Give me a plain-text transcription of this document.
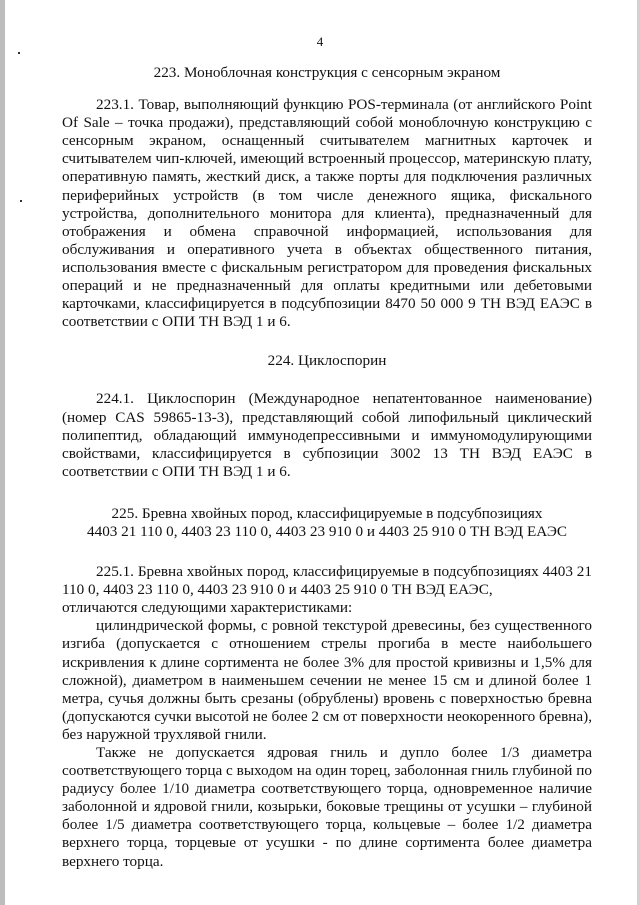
4
223. Моноблочная конструкция с сенсорным экраном

223.1. Товар, выполняющий функцию POS-терминала (от английского Point Of Sale – точка продажи), представляющий собой моноблочную конструкцию с сенсорным экраном, оснащенный считывателем магнитных карточек и считывателем чип-ключей, имеющий встроенный процессор, материнскую плату, оперативную память, жесткий диск, а также порты для подключения различных периферийных устройств (в том числе денежного ящика, фискального устройства, дополнительного монитора для клиента), предназначенный для отображения и обмена справочной информацией, использования для обслуживания и оперативного учета в объектах общественного питания, использования вместе с фискальным регистратором для проведения фискальных операций и не предназначенный для оплаты кредитными или дебетовыми карточками, классифицируется в подсубпозиции 8470 50 000 9 ТН ВЭД ЕАЭС в соответствии с ОПИ ТН ВЭД 1 и 6.

224. Циклоспорин

224.1. Циклоспорин (Международное непатентованное наименование) (номер CAS 59865-13-3), представляющий собой липофильный циклический полипептид, обладающий иммунодепрессивными и иммуномодулирующими свойствами, классифицируется в субпозиции 3002 13 ТН ВЭД ЕАЭС в соответствии с ОПИ ТН ВЭД 1 и 6.

225. Бревна хвойных пород, классифицируемые в подсубпозициях
4403 21 110 0, 4403 23 110 0, 4403 23 910 0 и 4403 25 910 0 ТН ВЭД ЕАЭС

225.1. Бревна хвойных пород, классифицируемые в подсубпозициях 4403 21 110 0, 4403 23 110 0, 4403 23 910 0 и 4403 25 910 0 ТН ВЭД ЕАЭС,

отличаются следующими характеристиками:

цилиндрической формы, с ровной текстурой древесины, без существенного изгиба (допускается с отношением стрелы прогиба в месте наибольшего искривления к длине сортимента не более 3% для простой кривизны и 1,5% для сложной), диаметром в наименьшем сечении не менее 15 см и длиной более 1 метра, сучья должны быть срезаны (обрублены) вровень с поверхностью бревна (допускаются сучки высотой не более 2 см от поверхности неокоренного бревна), без наружной трухлявой гнили.

Также не допускается ядровая гниль и дупло более 1/3 диаметра соответствующего торца с выходом на один торец, заболонная гниль глубиной по радиусу более 1/10 диаметра соответствующего торца, одновременное наличие заболонной и ядровой гнили, козырьки, боковые трещины от усушки – глубиной более 1/5 диаметра соответствующего торца, кольцевые – более 1/2 диаметра верхнего торца, торцевые от усушки - по длине сортимента более диаметра верхнего торца.
